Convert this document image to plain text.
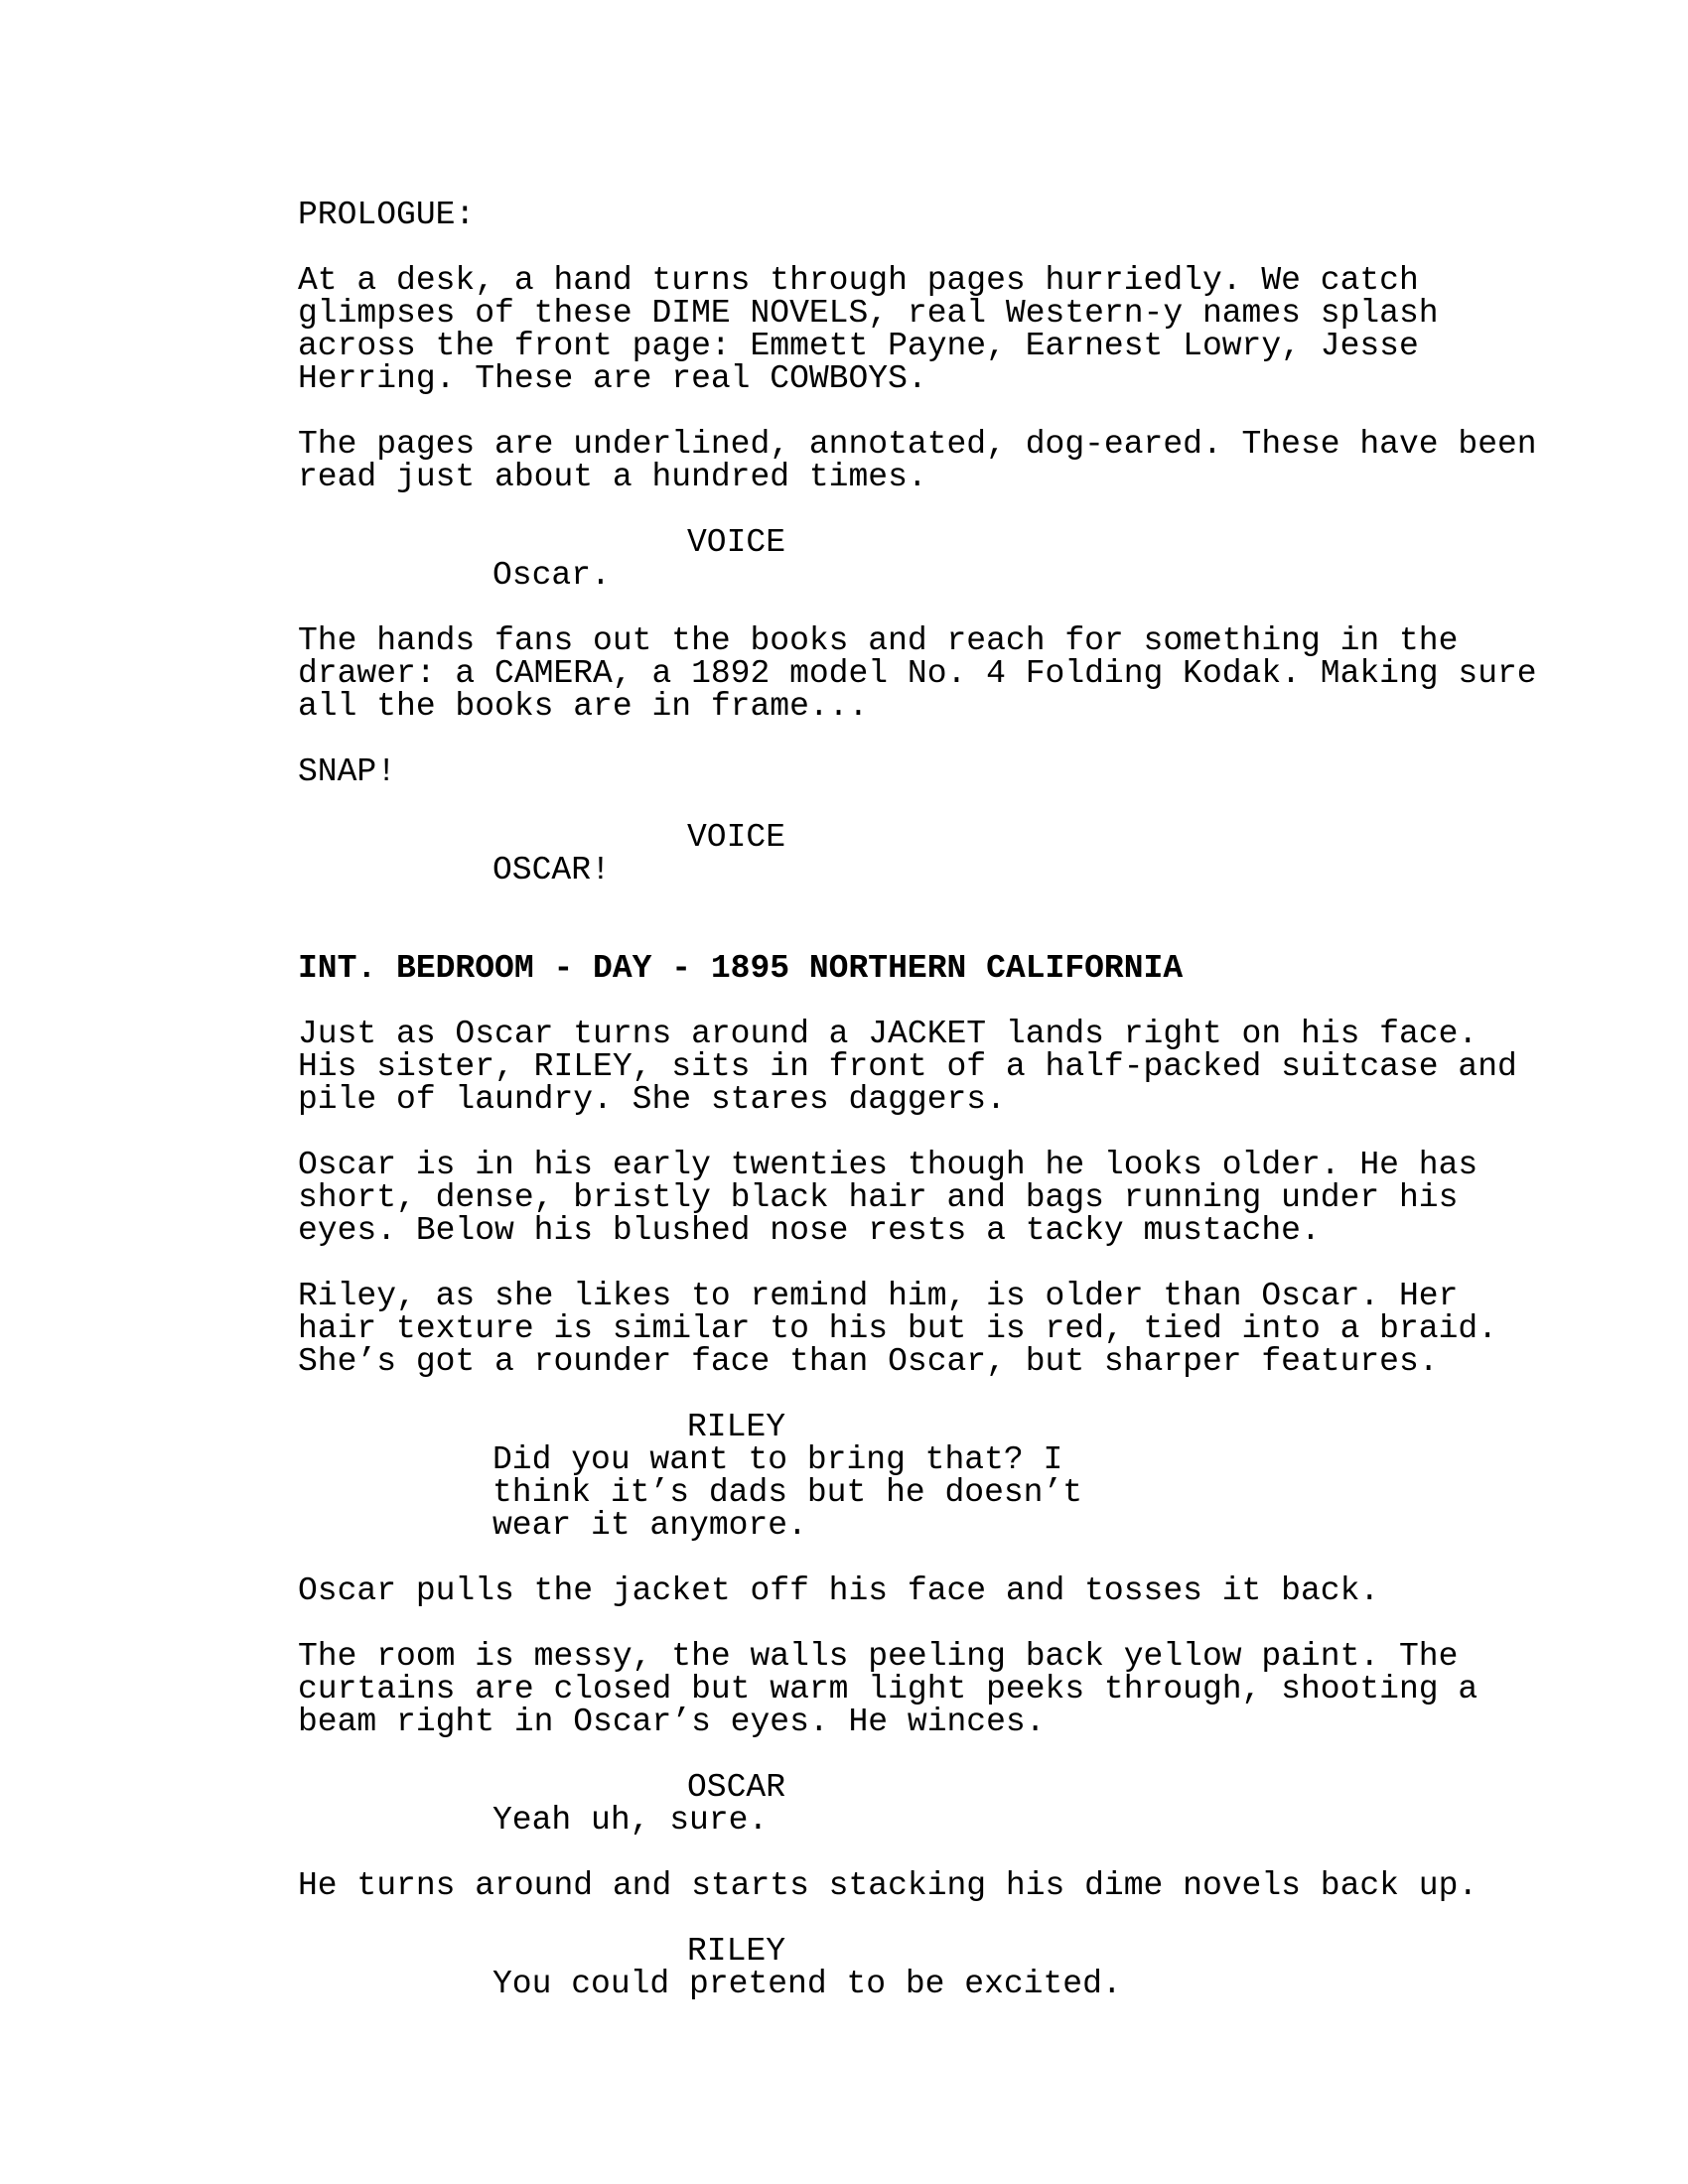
PROLOGUE:
At a desk, a hand turns through pages hurriedly. We catch
glimpses of these DIME NOVELS, real Western-y names splash
across the front page: Emmett Payne, Earnest Lowry, Jesse
Herring. These are real COWBOYS.
The pages are underlined, annotated, dog-eared. These have been
read just about a hundred times.
VOICE
Oscar.
The hands fans out the books and reach for something in the
drawer: a CAMERA, a 1892 model No. 4 Folding Kodak. Making sure
all the books are in frame...
SNAP!
VOICE
OSCAR!
INT. BEDROOM - DAY - 1895 NORTHERN CALIFORNIA
Just as Oscar turns around a JACKET lands right on his face.
His sister, RILEY, sits in front of a half-packed suitcase and
pile of laundry. She stares daggers.
Oscar is in his early twenties though he looks older. He has
short, dense, bristly black hair and bags running under his
eyes. Below his blushed nose rests a tacky mustache.
Riley, as she likes to remind him, is older than Oscar. Her
hair texture is similar to his but is red, tied into a braid.
She’s got a rounder face than Oscar, but sharper features.
RILEY
Did you want to bring that? I
think it’s dads but he doesn’t
wear it anymore.
Oscar pulls the jacket off his face and tosses it back.
The room is messy, the walls peeling back yellow paint. The
curtains are closed but warm light peeks through, shooting a
beam right in Oscar’s eyes. He winces.
OSCAR
Yeah uh, sure.
He turns around and starts stacking his dime novels back up.
RILEY
You could pretend to be excited.
